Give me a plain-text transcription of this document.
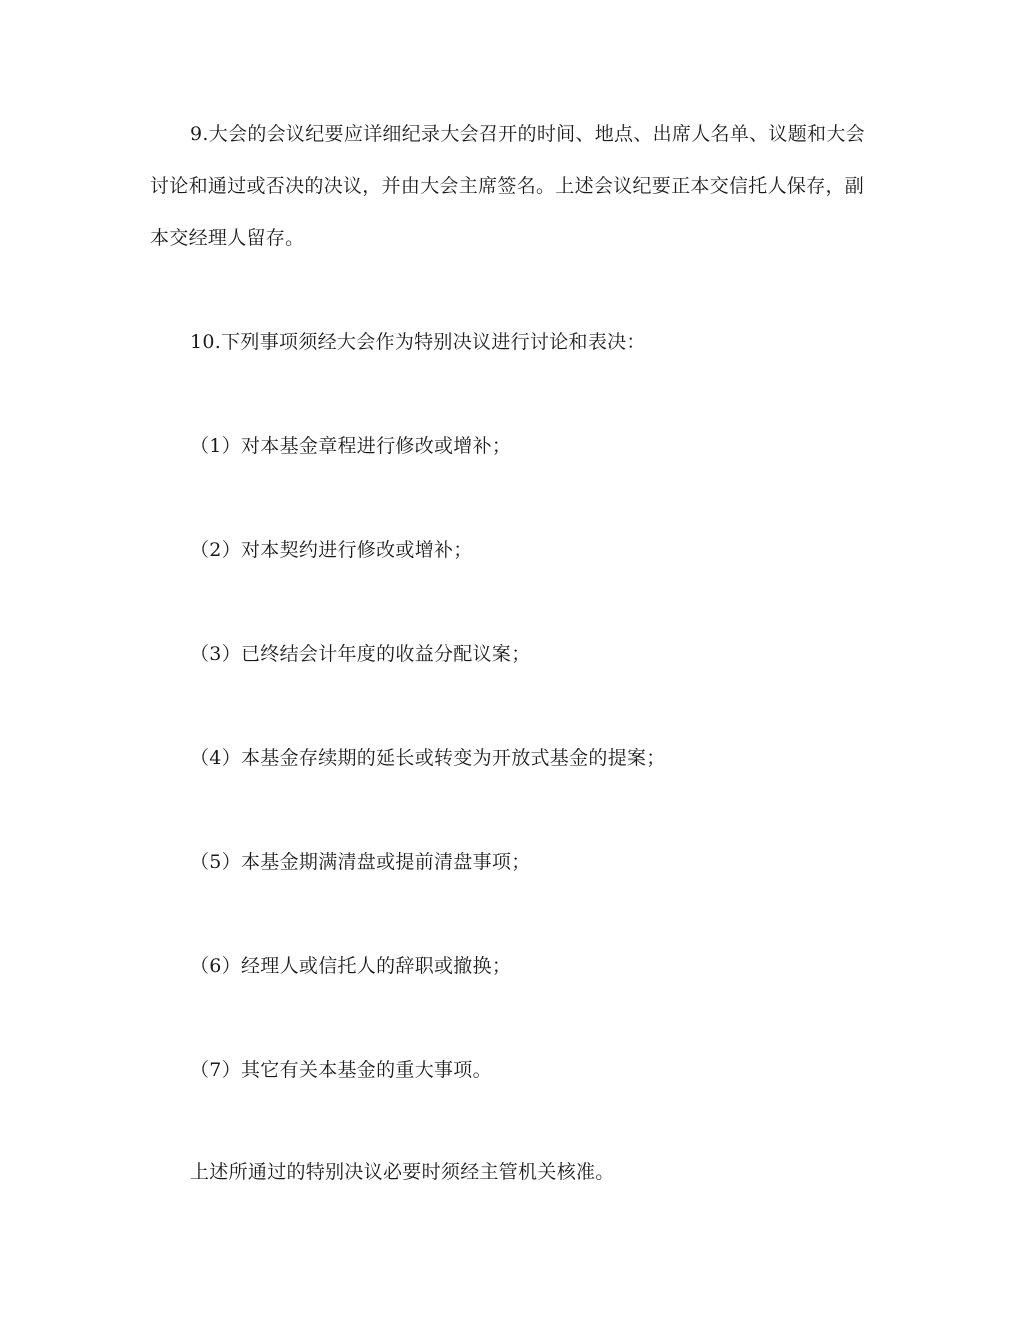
9.大会的会议纪要应详细纪录大会召开的时间、地点、出席人名单、议题和大会讨论和通过或否决的决议，并由大会主席签名。上述会议纪要正本交信托人保存，副本交经理人留存。

10.下列事项须经大会作为特别决议进行讨论和表决：

（1）对本基金章程进行修改或增补；

（2）对本契约进行修改或增补；

（3）已终结会计年度的收益分配议案；

（4）本基金存续期的延长或转变为开放式基金的提案；

（5）本基金期满清盘或提前清盘事项；

（6）经理人或信托人的辞职或撤换；

（7）其它有关本基金的重大事项。

上述所通过的特别决议必要时须经主管机关核准。
